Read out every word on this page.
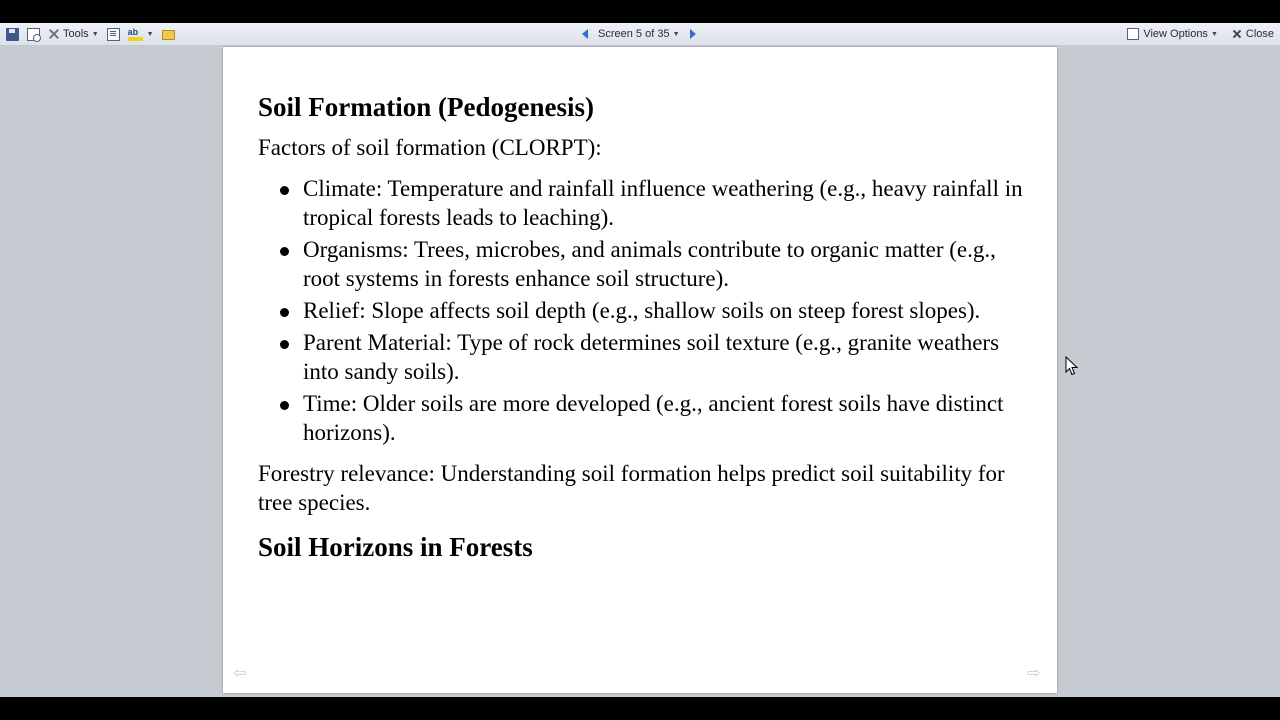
Tools ▼	ab	▼	Screen 5 of 35 ▼	View Options ▼	Close
Soil Formation (Pedogenesis)
Factors of soil formation (CLORPT):
Climate: Temperature and rainfall influence weathering (e.g., heavy rainfall in tropical forests leads to leaching).
Organisms: Trees, microbes, and animals contribute to organic matter (e.g., root systems in forests enhance soil structure).
Relief: Slope affects soil depth (e.g., shallow soils on steep forest slopes).
Parent Material: Type of rock determines soil texture (e.g., granite weathers into sandy soils).
Time: Older soils are more developed (e.g., ancient forest soils have distinct horizons).
Forestry relevance: Understanding soil formation helps predict soil suitability for tree species.
Soil Horizons in Forests
⇦	⇨
